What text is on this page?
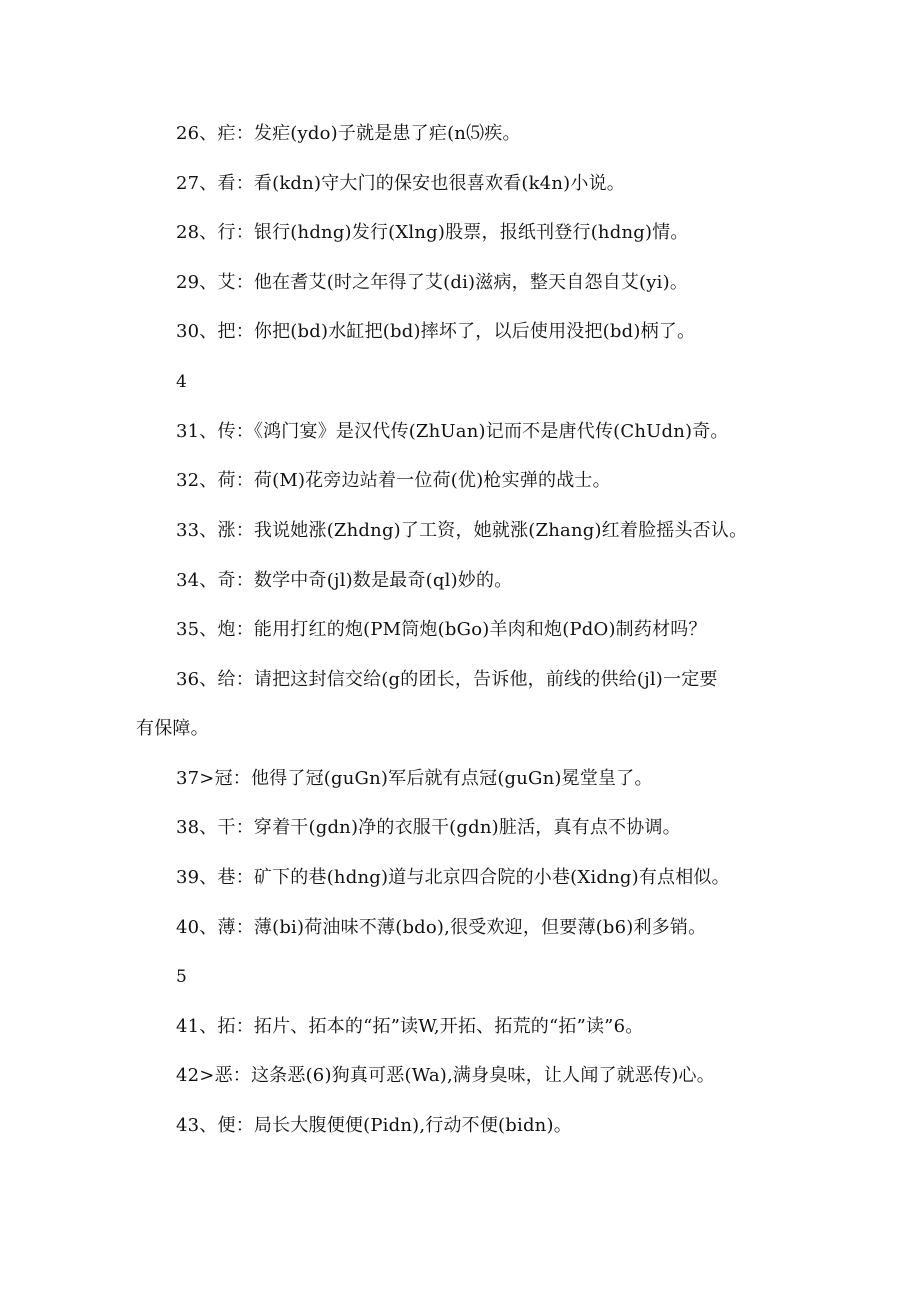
26、疟：发疟(ydo)子就是患了疟(n⑸疾。
27、看：看(kdn)守大门的保安也很喜欢看(k4n)小说。
28、行：银行(hdng)发行(Xlng)股票，报纸刊登行(hdng)情。
29、艾：他在耆艾(时之年得了艾(di)滋病，整天自怨自艾(yi)。
30、把：你把(bd)水缸把(bd)摔坏了，以后使用没把(bd)柄了。
4
31、传：《鸿门宴》是汉代传(ZhUan)记而不是唐代传(ChUdn)奇。
32、荷：荷(M)花旁边站着一位荷(优)枪实弹的战士。
33、涨：我说她涨(Zhdng)了工资，她就涨(Zhang)红着脸摇头否认。
34、奇：数学中奇(jl)数是最奇(ql)妙的。
35、炮：能用打红的炮(PM筒炮(bGo)羊肉和炮(PdO)制药材吗？
36、给：请把这封信交给(g的团长，告诉他，前线的供给(jl)一定要
有保障。
37>冠：他得了冠(guGn)军后就有点冠(guGn)冕堂皇了。
38、干：穿着干(gdn)净的衣服干(gdn)脏活，真有点不协调。
39、巷：矿下的巷(hdng)道与北京四合院的小巷(Xidng)有点相似。
40、薄：薄(bi)荷油味不薄(bdo),很受欢迎，但要薄(b6)利多销。
5
41、拓：拓片、拓本的“拓”读W,开拓、拓荒的“拓”读”6。
42>恶：这条恶(6)狗真可恶(Wa),满身臭味，让人闻了就恶传)心。
43、便：局长大腹便便(Pidn),行动不便(bidn)。
